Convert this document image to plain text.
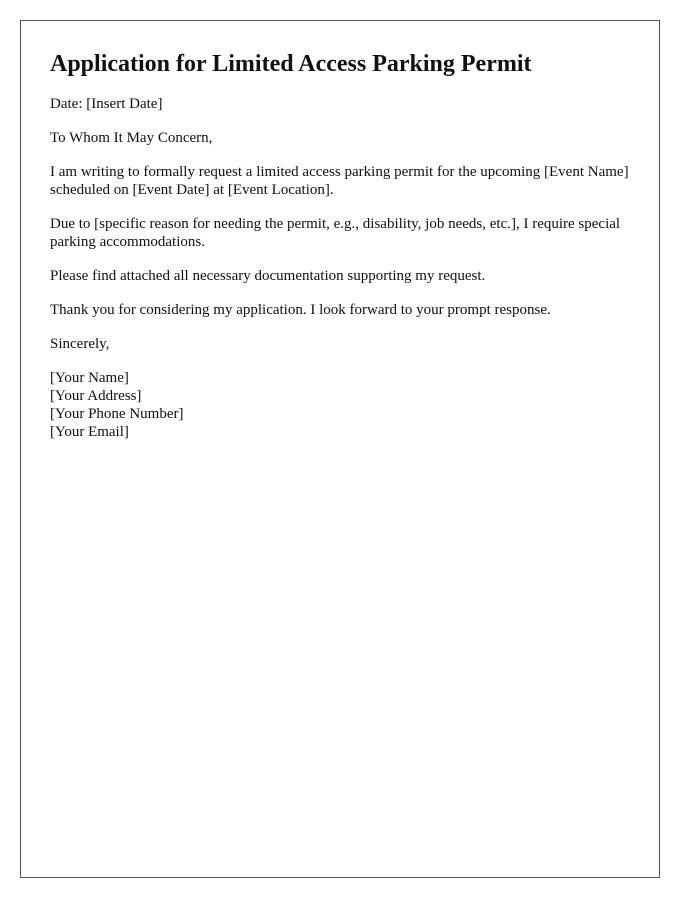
Application for Limited Access Parking Permit

Date: [Insert Date]

To Whom It May Concern,

I am writing to formally request a limited access parking permit for the upcoming [Event Name] scheduled on [Event Date] at [Event Location].

Due to [specific reason for needing the permit, e.g., disability, job needs, etc.], I require special parking accommodations.

Please find attached all necessary documentation supporting my request.

Thank you for considering my application. I look forward to your prompt response.

Sincerely,

[Your Name]
[Your Address]
[Your Phone Number]
[Your Email]
